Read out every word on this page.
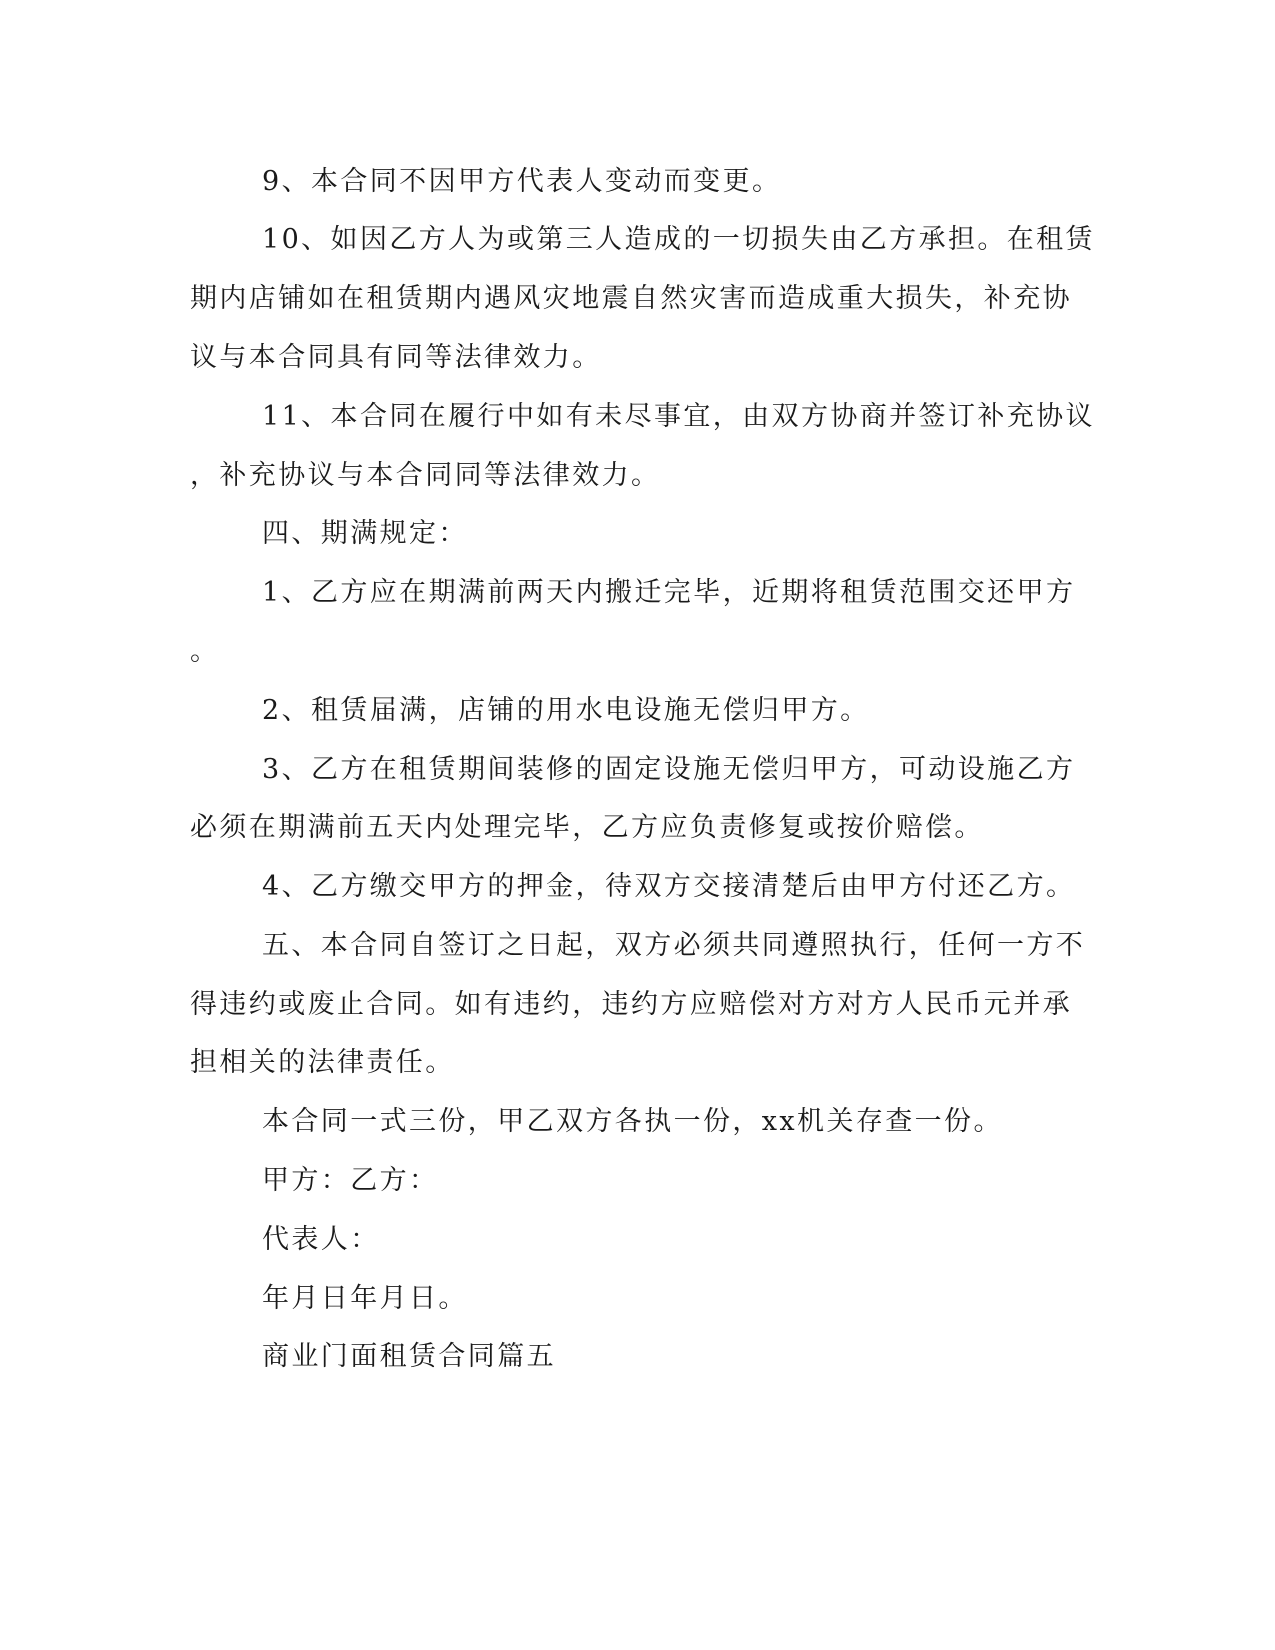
9、本合同不因甲方代表人变动而变更。

10、如因乙方人为或第三人造成的一切损失由乙方承担。在租赁

期内店铺如在租赁期内遇风灾地震自然灾害而造成重大损失，补充协

议与本合同具有同等法律效力。

11、本合同在履行中如有未尽事宜，由双方协商并签订补充协议

，补充协议与本合同同等法律效力。

四、期满规定：

1、乙方应在期满前两天内搬迁完毕，近期将租赁范围交还甲方

。

2、租赁届满，店铺的用水电设施无偿归甲方。

3、乙方在租赁期间装修的固定设施无偿归甲方，可动设施乙方

必须在期满前五天内处理完毕，乙方应负责修复或按价赔偿。

4、乙方缴交甲方的押金，待双方交接清楚后由甲方付还乙方。

五、本合同自签订之日起，双方必须共同遵照执行，任何一方不

得违约或废止合同。如有违约，违约方应赔偿对方对方人民币元并承

担相关的法律责任。

本合同一式三份，甲乙双方各执一份，xx机关存查一份。

甲方：乙方：

代表人：

年月日年月日。

商业门面租赁合同篇五
